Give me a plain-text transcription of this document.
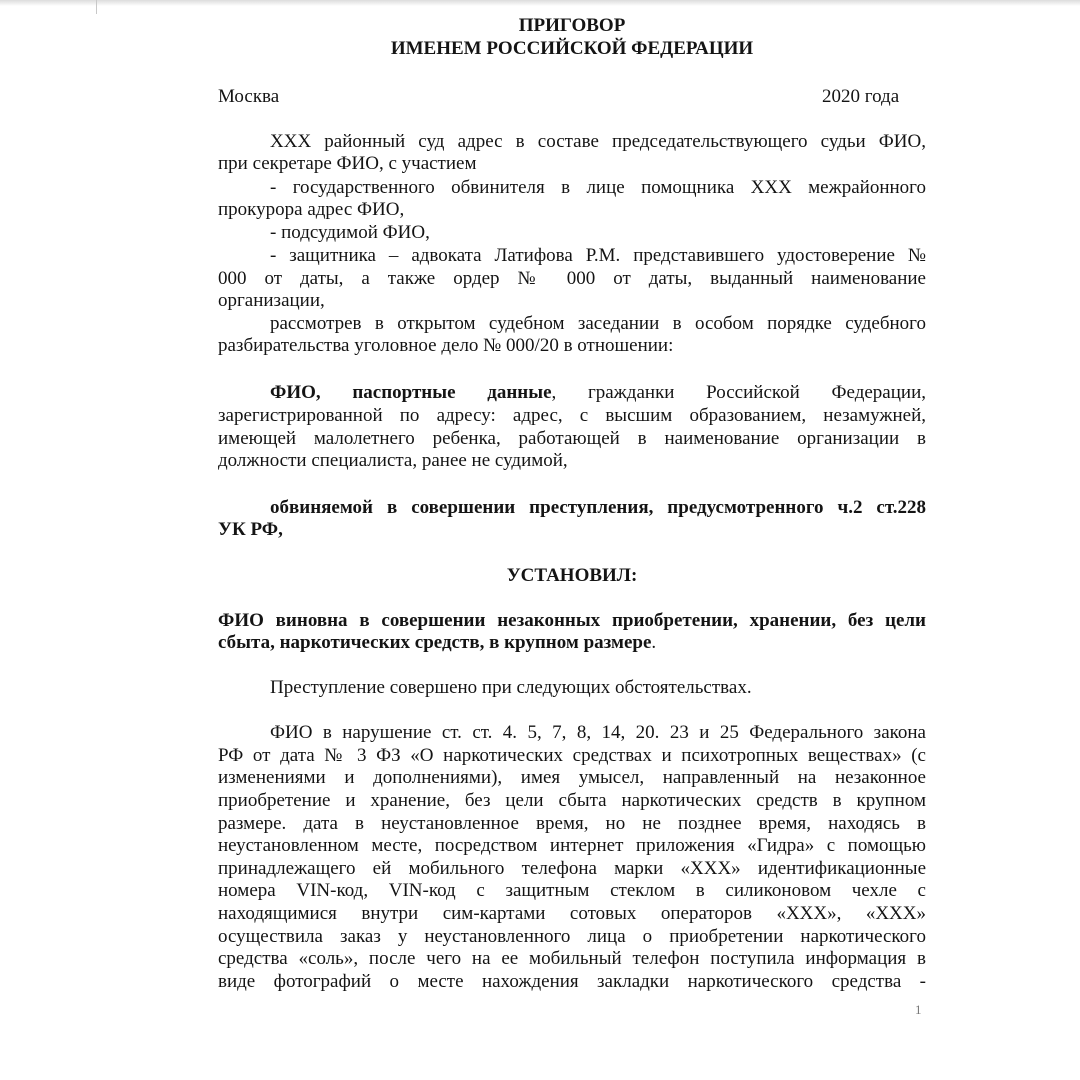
ПРИГОВОР
ИМЕНЕМ РОССИЙСКОЙ ФЕДЕРАЦИИ
Москва	2020 года
ХХХ районный суд адрес в составе председательствующего судьи ФИО,
при секретаре ФИО, с участием
- государственного обвинителя в лице помощника ХХХ межрайонного
прокурора адрес ФИО,
- подсудимой ФИО,
- защитника – адвоката Латифова Р.М. представившего удостоверение №
000 от даты, а также ордер № 000 от даты, выданный наименование
организации,
рассмотрев в открытом судебном заседании в особом порядке судебного
разбирательства уголовное дело № 000/20 в отношении:
ФИО, паспортные данные, гражданки Российской Федерации,
зарегистрированной по адресу: адрес, с высшим образованием, незамужней,
имеющей малолетнего ребенка, работающей в наименование организации в
должности специалиста, ранее не судимой,
обвиняемой в совершении преступления, предусмотренного ч.2 ст.228
УК РФ,
УСТАНОВИЛ:
ФИО виновна в совершении незаконных приобретении, хранении, без цели
сбыта, наркотических средств, в крупном размере.
Преступление совершено при следующих обстоятельствах.
ФИО в нарушение ст. ст. 4. 5, 7, 8, 14, 20. 23 и 25 Федерального закона
РФ от дата № 3 ФЗ «О наркотических средствах и психотропных веществах» (с
изменениями и дополнениями), имея умысел, направленный на незаконное
приобретение и хранение, без цели сбыта наркотических средств в крупном
размере. дата в неустановленное время, но не позднее время, находясь в
неустановленном месте, посредством интернет приложения «Гидра» с помощью
принадлежащего ей мобильного телефона марки «ХХХ» идентификационные
номера VIN-код, VIN-код с защитным стеклом в силиконовом чехле с
находящимися внутри сим-картами сотовых операторов «ХХХ», «ХХХ»
осуществила заказ у неустановленного лица о приобретении наркотического
средства «соль», после чего на ее мобильный телефон поступила информация в
виде фотографий о месте нахождения закладки наркотического средства -
1
